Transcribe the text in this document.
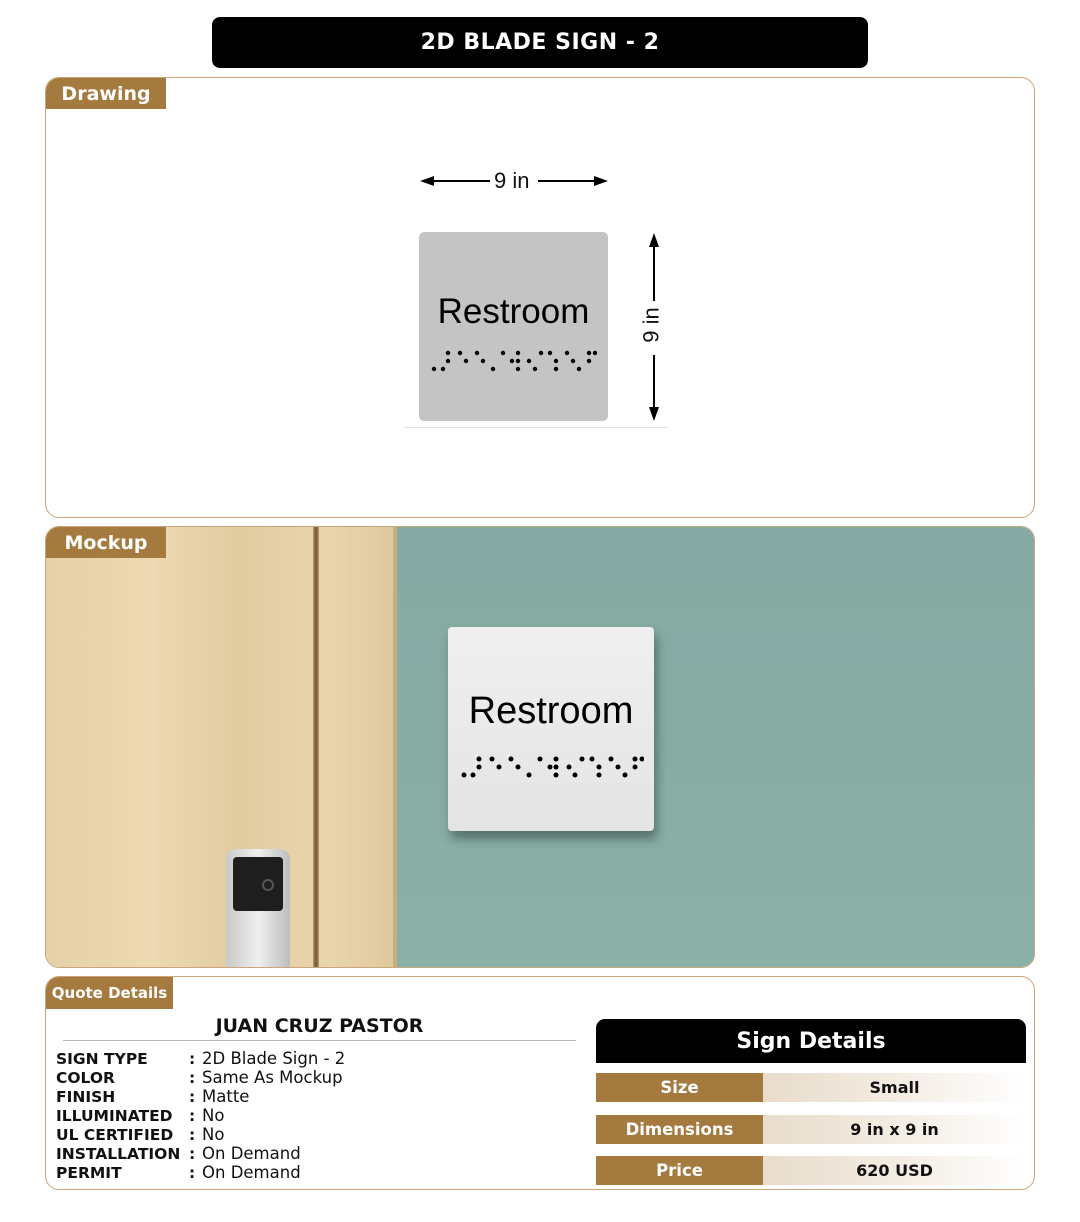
2D BLADE SIGN - 2
Drawing
9 in
9 in
Restroom
Mockup
Restroom
Quote Details
JUAN CRUZ PASTOR
SIGN TYPE	: 2D Blade Sign - 2
COLOR	: Same As Mockup
FINISH	: Matte
ILLUMINATED	: No
UL CERTIFIED	: No
INSTALLATION : On Demand
PERMIT	: On Demand
Sign Details
Size	Small
Dimensions	9 in x 9 in
Price	620 USD
